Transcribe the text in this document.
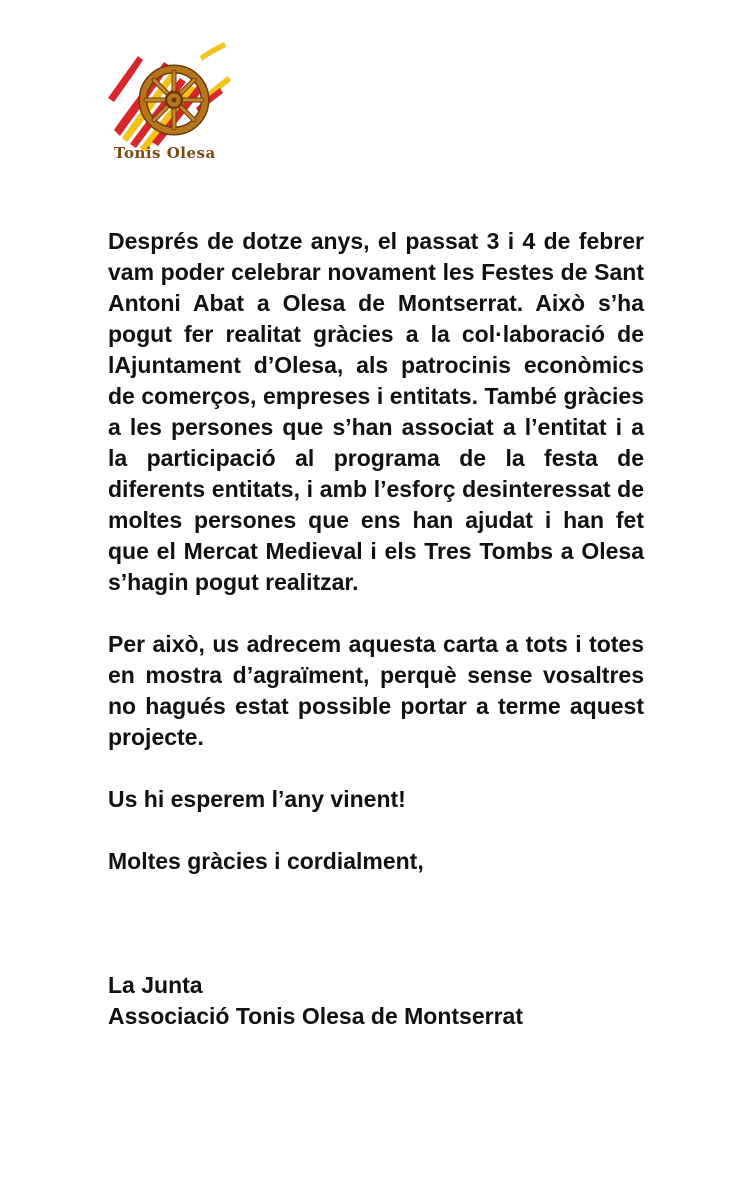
Tonis Olesa

Després de dotze anys, el passat 3 i 4 de febrer vam poder celebrar novament les Festes de Sant Antoni Abat a Olesa de Montserrat. Això s’ha pogut fer realitat gràcies a la col·laboració de lAjuntament d’Olesa, als patrocinis econòmics de comerços, empreses i entitats. També gràcies a les persones que s’han associat a l’entitat i a la participació al programa de la festa de diferents entitats, i amb l’esforç desinteressat de moltes persones que ens han ajudat i han fet que el Mercat Medieval i els Tres Tombs a Olesa s’hagin pogut realitzar.

Per això, us adrecem aquesta carta a tots i totes en mostra d’agraïment, perquè sense vosaltres no hagués estat possible portar a terme aquest projecte.

Us hi esperem l’any vinent!

Moltes gràcies i cordialment,

La Junta

Associació Tonis Olesa de Montserrat
